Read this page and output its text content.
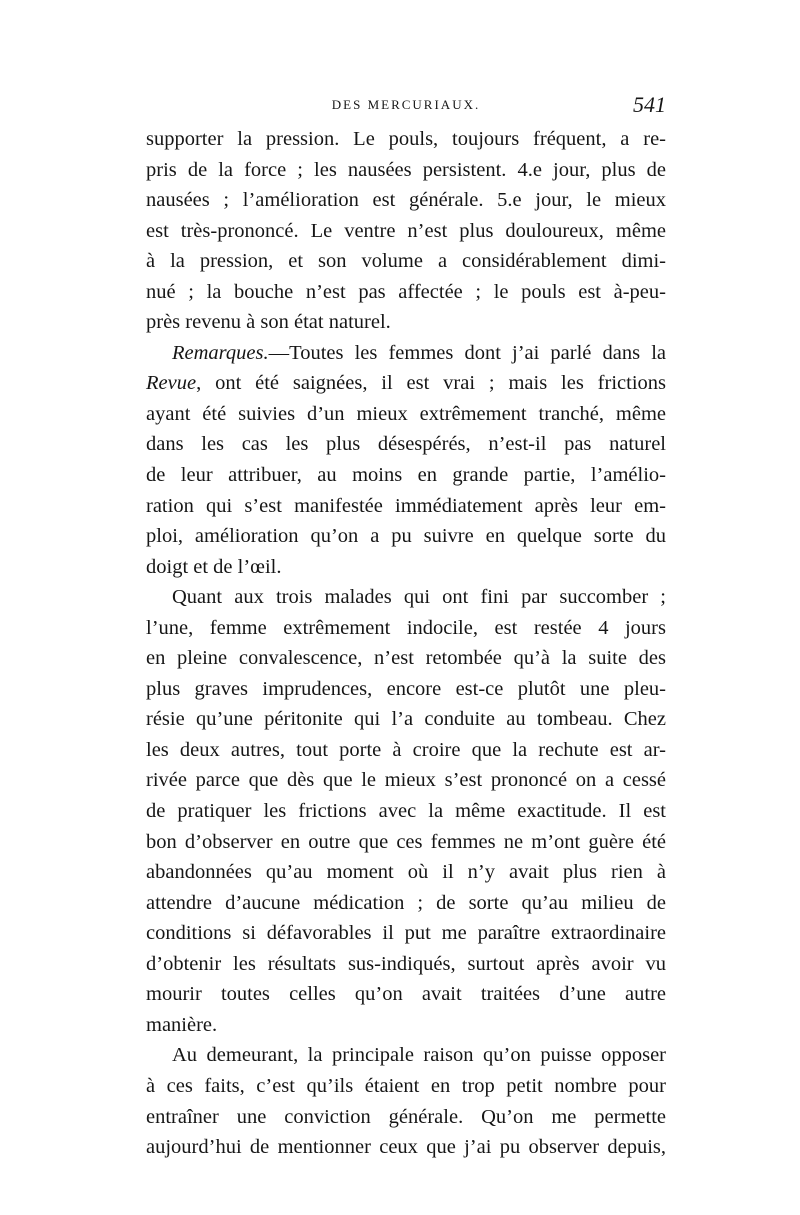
DES MERCURIAUX.	541
supporter la pression. Le pouls, toujours fréquent, a re-
pris de la force ; les nausées persistent. 4.e jour, plus de
nausées ; l’amélioration est générale. 5.e jour, le mieux
est très-prononcé. Le ventre n’est plus douloureux, même
à la pression, et son volume a considérablement dimi-
nué ; la bouche n’est pas affectée ; le pouls est à-peu-
près revenu à son état naturel.
Remarques.—Toutes les femmes dont j’ai parlé dans la
Revue, ont été saignées, il est vrai ; mais les frictions
ayant été suivies d’un mieux extrêmement tranché, même
dans les cas les plus désespérés, n’est-il pas naturel
de leur attribuer, au moins en grande partie, l’amélio-
ration qui s’est manifestée immédiatement après leur em-
ploi, amélioration qu’on a pu suivre en quelque sorte du
doigt et de l’œil.
Quant aux trois malades qui ont fini par succomber ;
l’une, femme extrêmement indocile, est restée 4 jours
en pleine convalescence, n’est retombée qu’à la suite des
plus graves imprudences, encore est-ce plutôt une pleu-
résie qu’une péritonite qui l’a conduite au tombeau. Chez
les deux autres, tout porte à croire que la rechute est ar-
rivée parce que dès que le mieux s’est prononcé on a cessé
de pratiquer les frictions avec la même exactitude. Il est
bon d’observer en outre que ces femmes ne m’ont guère été
abandonnées qu’au moment où il n’y avait plus rien à
attendre d’aucune médication ; de sorte qu’au milieu de
conditions si défavorables il put me paraître extraordinaire
d’obtenir les résultats sus-indiqués, surtout après avoir vu
mourir toutes celles qu’on avait traitées d’une autre
manière.
Au demeurant, la principale raison qu’on puisse opposer
à ces faits, c’est qu’ils étaient en trop petit nombre pour
entraîner une conviction générale. Qu’on me permette
aujourd’hui de mentionner ceux que j’ai pu observer depuis,
